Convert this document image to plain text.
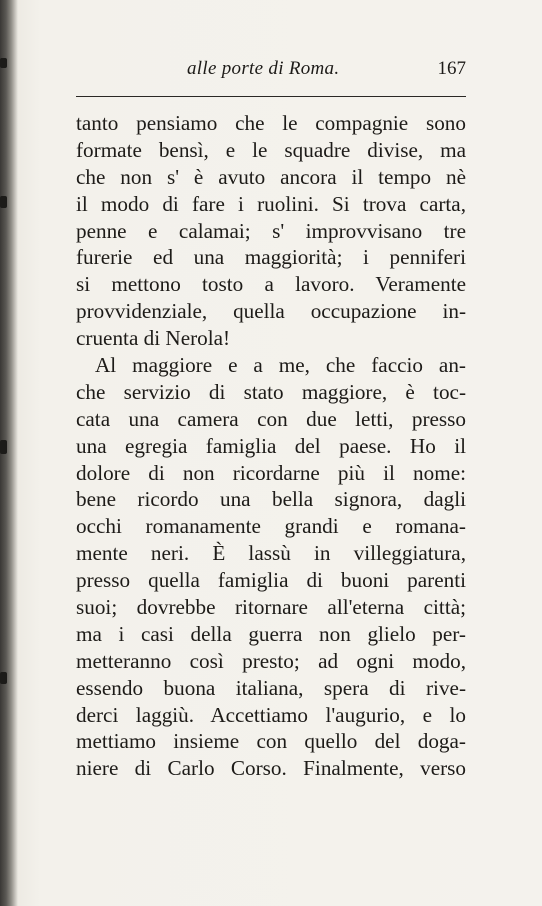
alle porte di Roma.	167
tanto pensiamo che le compagnie sono
formate bensì, e le squadre divise, ma
che non s' è avuto ancora il tempo nè
il modo di fare i ruolini. Si trova carta,
penne e calamai; s' improvvisano tre
furerie ed una maggiorità; i penniferi
si mettono tosto a lavoro. Veramente
provvidenziale, quella occupazione in-
cruenta di Nerola!
Al maggiore e a me, che faccio an-
che servizio di stato maggiore, è toc-
cata una camera con due letti, presso
una egregia famiglia del paese. Ho il
dolore di non ricordarne più il nome:
bene ricordo una bella signora, dagli
occhi romanamente grandi e romana-
mente neri. È lassù in villeggiatura,
presso quella famiglia di buoni parenti
suoi; dovrebbe ritornare all'eterna città;
ma i casi della guerra non glielo per-
metteranno così presto; ad ogni modo,
essendo buona italiana, spera di rive-
derci laggiù. Accettiamo l'augurio, e lo
mettiamo insieme con quello del doga-
niere di Carlo Corso. Finalmente, verso
